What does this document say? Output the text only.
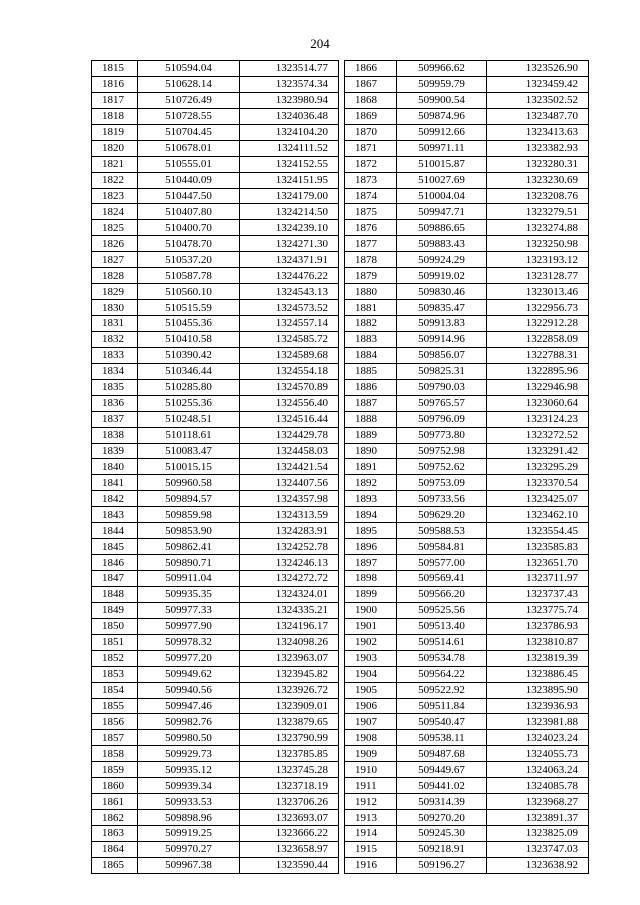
204
1815	510594.04	1323514.77
1816	510628.14	1323574.34
1817	510726.49	1323980.94
1818	510728.55	1324036.48
1819	510704.45	1324104.20
1820	510678.01	1324111.52
1821	510555.01	1324152.55
1822	510440.09	1324151.95
1823	510447.50	1324179.00
1824	510407.80	1324214.50
1825	510400.70	1324239.10
1826	510478.70	1324271.30
1827	510537.20	1324371.91
1828	510587.78	1324476.22
1829	510560.10	1324543.13
1830	510515.59	1324573.52
1831	510455.36	1324557.14
1832	510410.58	1324585.72
1833	510390.42	1324589.68
1834	510346.44	1324554.18
1835	510285.80	1324570.89
1836	510255.36	1324556.40
1837	510248.51	1324516.44
1838	510118.61	1324429.78
1839	510083.47	1324458.03
1840	510015.15	1324421.54
1841	509960.58	1324407.56
1842	509894.57	1324357.98
1843	509859.98	1324313.59
1844	509853.90	1324283.91
1845	509862.41	1324252.78
1846	509890.71	1324246.13
1847	509911.04	1324272.72
1848	509935.35	1324324.01
1849	509977.33	1324335.21
1850	509977.90	1324196.17
1851	509978.32	1324098.26
1852	509977.20	1323963.07
1853	509949.62	1323945.82
1854	509940.56	1323926.72
1855	509947.46	1323909.01
1856	509982.76	1323879.65
1857	509980.50	1323790.99
1858	509929.73	1323785.85
1859	509935.12	1323745.28
1860	509939.34	1323718.19
1861	509933.53	1323706.26
1862	509898.96	1323693.07
1863	509919.25	1323666.22
1864	509970.27	1323658.97
1865	509967.38	1323590.44
1866	509966.62	1323526.90
1867	509959.79	1323459.42
1868	509900.54	1323502.52
1869	509874.96	1323487.70
1870	509912.66	1323413.63
1871	509971.11	1323382.93
1872	510015.87	1323280.31
1873	510027.69	1323230.69
1874	510004.04	1323208.76
1875	509947.71	1323279.51
1876	509886.65	1323274.88
1877	509883.43	1323250.98
1878	509924.29	1323193.12
1879	509919.02	1323128.77
1880	509830.46	1323013.46
1881	509835.47	1322956.73
1882	509913.83	1322912.28
1883	509914.96	1322858.09
1884	509856.07	1322788.31
1885	509825.31	1322895.96
1886	509790.03	1322946.98
1887	509765.57	1323060.64
1888	509796.09	1323124.23
1889	509773.80	1323272.52
1890	509752.98	1323291.42
1891	509752.62	1323295.29
1892	509753.09	1323370.54
1893	509733.56	1323425.07
1894	509629.20	1323462.10
1895	509588.53	1323554.45
1896	509584.81	1323585.83
1897	509577.00	1323651.70
1898	509569.41	1323711.97
1899	509566.20	1323737.43
1900	509525.56	1323775.74
1901	509513.40	1323786.93
1902	509514.61	1323810.87
1903	509534.78	1323819.39
1904	509564.22	1323886.45
1905	509522.92	1323895.90
1906	509511.84	1323936.93
1907	509540.47	1323981.88
1908	509538.11	1324023.24
1909	509487.68	1324055.73
1910	509449.67	1324063.24
1911	509441.02	1324085.78
1912	509314.39	1323968.27
1913	509270.20	1323891.37
1914	509245.30	1323825.09
1915	509218.91	1323747.03
1916	509196.27	1323638.92
